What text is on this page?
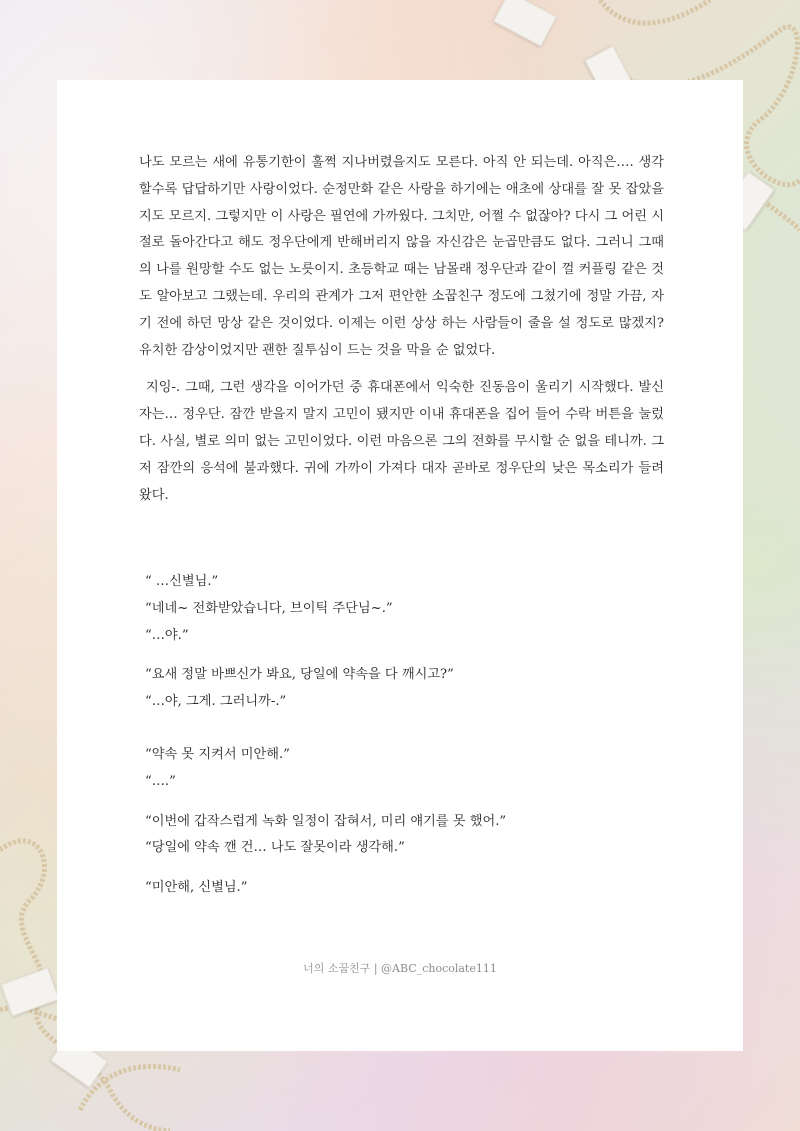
나도 모르는 새에 유통기한이 훌쩍 지나버렸을지도 모른다. 아직 안 되는데. 아직은…. 생각할수록 답답하기만 사랑이었다. 순정만화 같은 사랑을 하기에는 애초에 상대를 잘 못 잡았을지도 모르지. 그렇지만 이 사랑은 필연에 가까웠다. 그치만, 어쩔 수 없잖아? 다시 그 어린 시절로 돌아간다고 해도 정우단에게 반해버리지 않을 자신감은 눈곱만큼도 없다. 그러니 그때의 나를 원망할 수도 없는 노릇이지. 초등학교 때는 남몰래 정우단과 같이 껄 커플링 같은 것도 알아보고 그랬는데. 우리의 관계가 그저 편안한 소꿉친구 정도에 그쳤기에 정말 가끔, 자기 전에 하던 망상 같은 것이었다. 이제는 이런 상상 하는 사람들이 줄을 설 정도로 많겠지? 유치한 감상이었지만 괜한 질투심이 드는 것을 막을 순 없었다.

지잉-. 그때, 그런 생각을 이어가던 중 휴대폰에서 익숙한 진동음이 울리기 시작했다. 발신자는… 정우단. 잠깐 받을지 말지 고민이 됐지만 이내 휴대폰을 집어 들어 수락 버튼을 눌렀다. 사실, 별로 의미 없는 고민이었다. 이런 마음으론 그의 전화를 무시할 순 없을 테니까. 그저 잠깐의 응석에 불과했다. 귀에 가까이 가져다 대자 곧바로 정우단의 낮은 목소리가 들려왔다.

“ …신별님.”
“네네~ 전화받았습니다, 브이틱 주단님~.”
“…야.”
“요새 정말 바쁘신가 봐요, 당일에 약속을 다 깨시고?”
“…야, 그게. 그러니까-.”
“약속 못 지켜서 미안해.”
“….”
“이번에 갑작스럽게 녹화 일정이 잡혀서, 미리 얘기를 못 했어.”
“당일에 약속 깬 건… 나도 잘못이라 생각해.”
“미안해, 신별님.”
너의 소꿉친구 | @ABC_chocolate111
